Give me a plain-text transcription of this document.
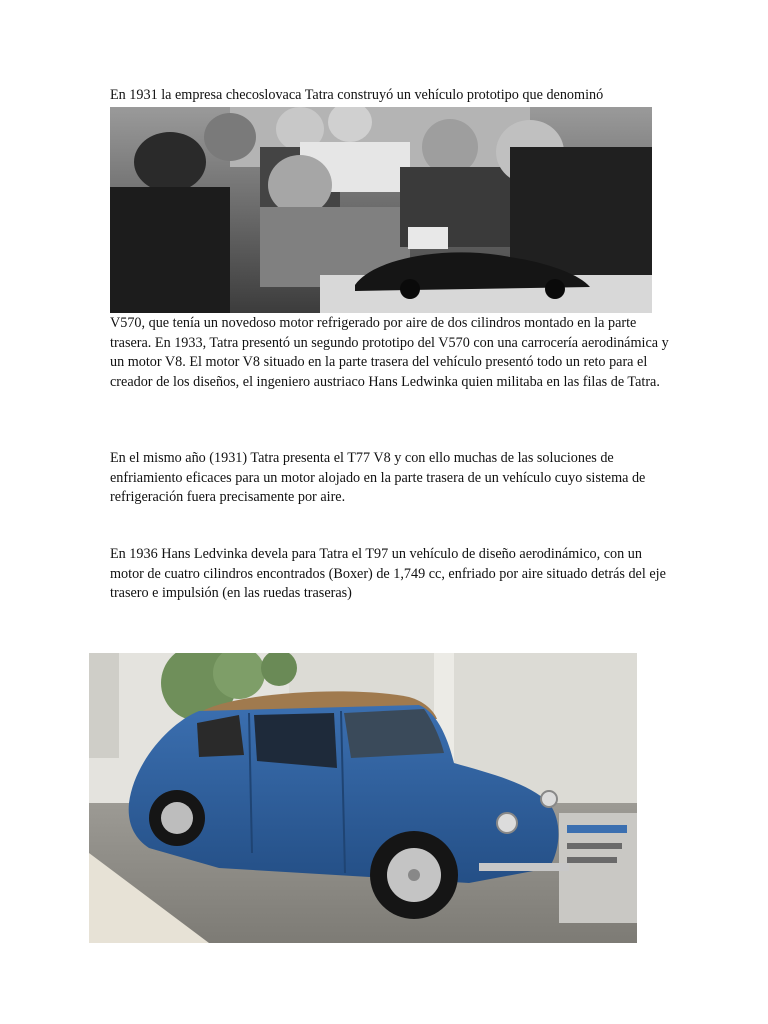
En 1931 la empresa checoslovaca Tatra construyó un vehículo prototipo que denominó

V570, que tenía un novedoso motor refrigerado por aire de dos cilindros montado en la parte trasera. En 1933, Tatra presentó un segundo prototipo del V570 con una carrocería aerodinámica y un motor V8. El motor V8 situado en la parte trasera del vehículo presentó todo un reto para el creador de los diseños, el ingeniero austriaco Hans Ledwinka quien militaba en las filas de Tatra.

En el mismo año (1931) Tatra presenta el T77 V8 y con ello muchas de las soluciones de enfriamiento eficaces para un motor alojado en la parte trasera de un vehículo cuyo sistema de refrigeración fuera precisamente por aire.

En 1936 Hans Ledvinka devela para Tatra el T97 un vehículo de diseño aerodinámico, con un motor de cuatro cilindros encontrados (Boxer) de 1,749 cc, enfriado por aire situado detrás del eje trasero e impulsión (en las ruedas traseras)
